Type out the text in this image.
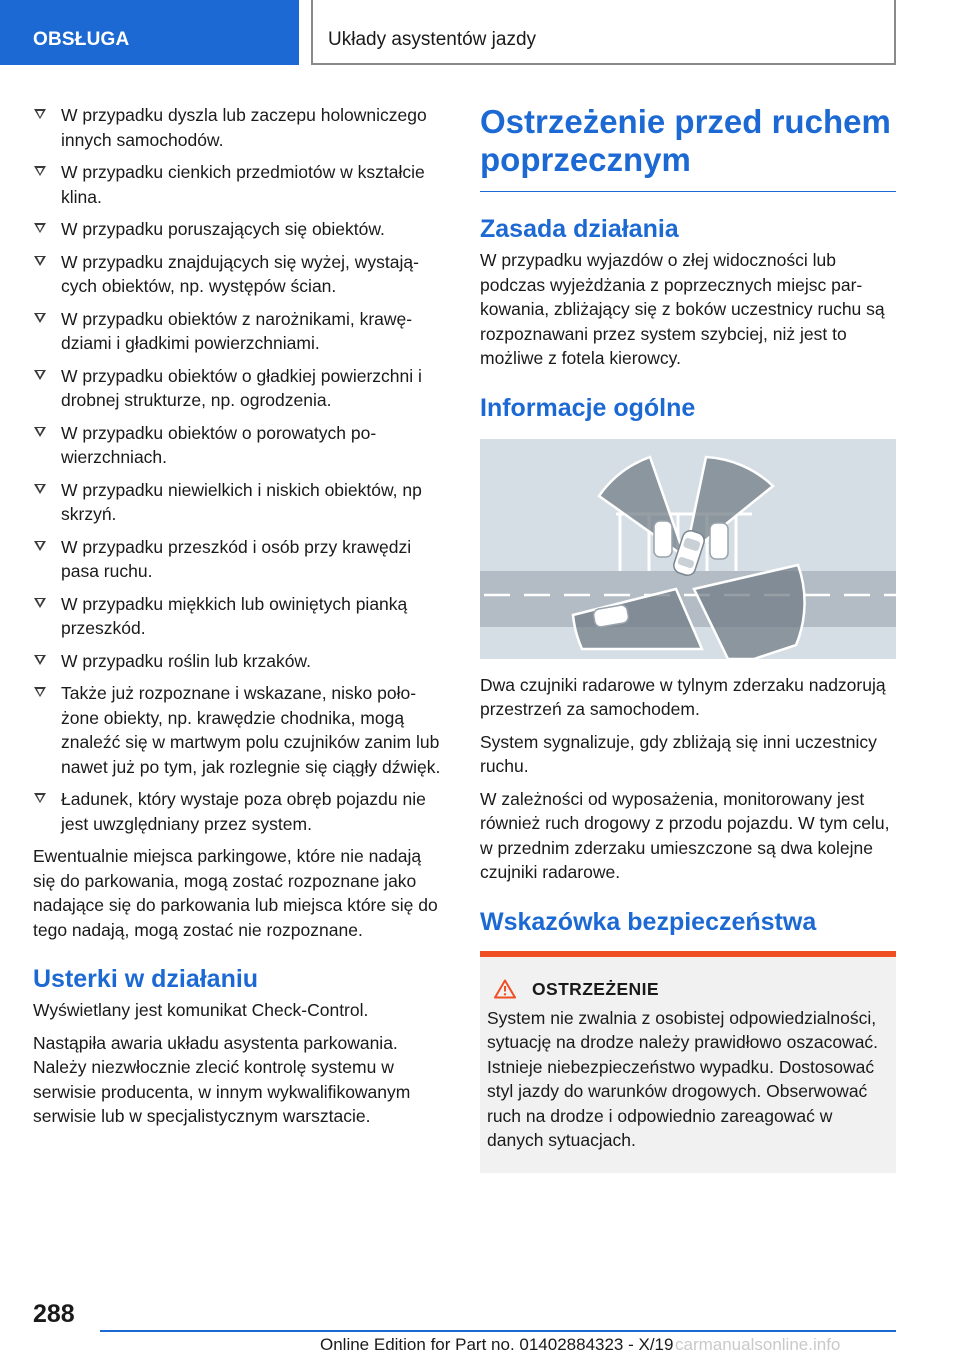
OBSŁUGA	Układy asystentów jazdy
W przypadku dyszla lub zaczepu holowniczego innych samochodów.
W przypadku cienkich przedmiotów w kształcie klina.
W przypadku poruszających się obiektów.
W przypadku znajdujących się wyżej, wystających obiektów, np. występów ścian.
W przypadku obiektów z narożnikami, krawędziami i gładkimi powierzchniami.
W przypadku obiektów o gładkiej powierzchni i drobnej strukturze, np. ogrodzenia.
W przypadku obiektów o porowatych powierzchniach.
W przypadku niewielkich i niskich obiektów, np skrzyń.
W przypadku przeszkód i osób przy krawędzi pasa ruchu.
W przypadku miękkich lub owiniętych pianką przeszkód.
W przypadku roślin lub krzaków.
Także już rozpoznane i wskazane, nisko położone obiekty, np. krawędzie chodnika, mogą znaleźć się w martwym polu czujników zanim lub nawet już po tym, jak rozlegnie się ciągły dźwięk.
Ładunek, który wystaje poza obręb pojazdu nie jest uwzględniany przez system.

Ewentualnie miejsca parkingowe, które nie nadają się do parkowania, mogą zostać rozpoznane jako nadające się do parkowania lub miejsca które się do tego nadają, mogą zostać nie rozpoznane.

Usterki w działaniu

Wyświetlany jest komunikat Check-Control.

Nastąpiła awaria układu asystenta parkowania. Należy niezwłocznie zlecić kontrolę systemu w serwisie producenta, w innym wykwalifikowanym serwisie lub w specjalistycznym warsztacie.

Ostrzeżenie przed ruchem poprzecznym
Zasada działania

W przypadku wyjazdów o złej widoczności lub podczas wyjeżdżania z poprzecznych miejsc parkowania, zbliżający się z boków uczestnicy ruchu są rozpoznawani przez system szybciej, niż jest to możliwe z fotela kierowcy.

Informacje ogólne

Dwa czujniki radarowe w tylnym zderzaku nadzorują przestrzeń za samochodem.

System sygnalizuje, gdy zbliżają się inni uczestnicy ruchu.

W zależności od wyposażenia, monitorowany jest również ruch drogowy z przodu pojazdu. W tym celu, w przednim zderzaku umieszczone są dwa kolejne czujniki radarowe.

Wskazówka bezpieczeństwa
OSTRZEŻENIE

System nie zwalnia z osobistej odpowiedzialności, sytuację na drodze należy prawidłowo oszacować. Istnieje niebezpieczeństwo wypadku. Dostosować styl jazdy do warunków drogowych. Obserwować ruch na drodze i odpowiednio zareagować w danych sytuacjach.

288
Online Edition for Part no. 01402884323 - X/19 carmanualsonline.info
